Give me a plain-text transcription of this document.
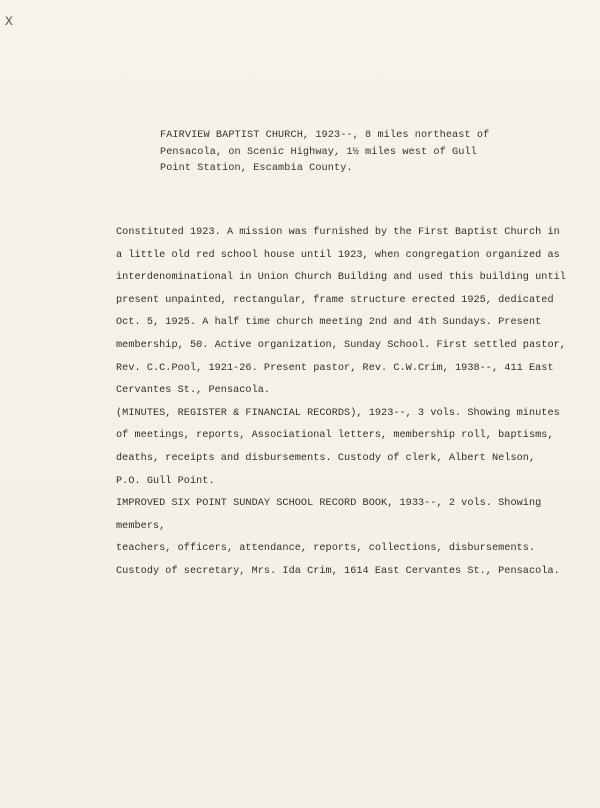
X
FAIRVIEW BAPTIST CHURCH, 1923--, 8 miles northeast of
Pensacola, on Scenic Highway, 1½ miles west of Gull
Point Station, Escambia County.

Constituted 1923. A mission was furnished by the First Baptist Church in
a little old red school house until 1923, when congregation organized as
interdenominational in Union Church Building and used this building until
present unpainted, rectangular, frame structure erected 1925, dedicated
Oct. 5, 1925. A half time church meeting 2nd and 4th Sundays. Present
membership, 50. Active organization, Sunday School. First settled pastor,
Rev. C.C.Pool, 1921-26. Present pastor, Rev. C.W.Crim, 1938--, 411 East
Cervantes St., Pensacola.

(MINUTES, REGISTER & FINANCIAL RECORDS), 1923--, 3 vols. Showing minutes
of meetings, reports, Associational letters, membership roll, baptisms,
deaths, receipts and disbursements. Custody of clerk, Albert Nelson,
P.O. Gull Point.

IMPROVED SIX POINT SUNDAY SCHOOL RECORD BOOK, 1933--, 2 vols. Showing members,
teachers, officers, attendance, reports, collections, disbursements.
Custody of secretary, Mrs. Ida Crim, 1614 East Cervantes St., Pensacola.
